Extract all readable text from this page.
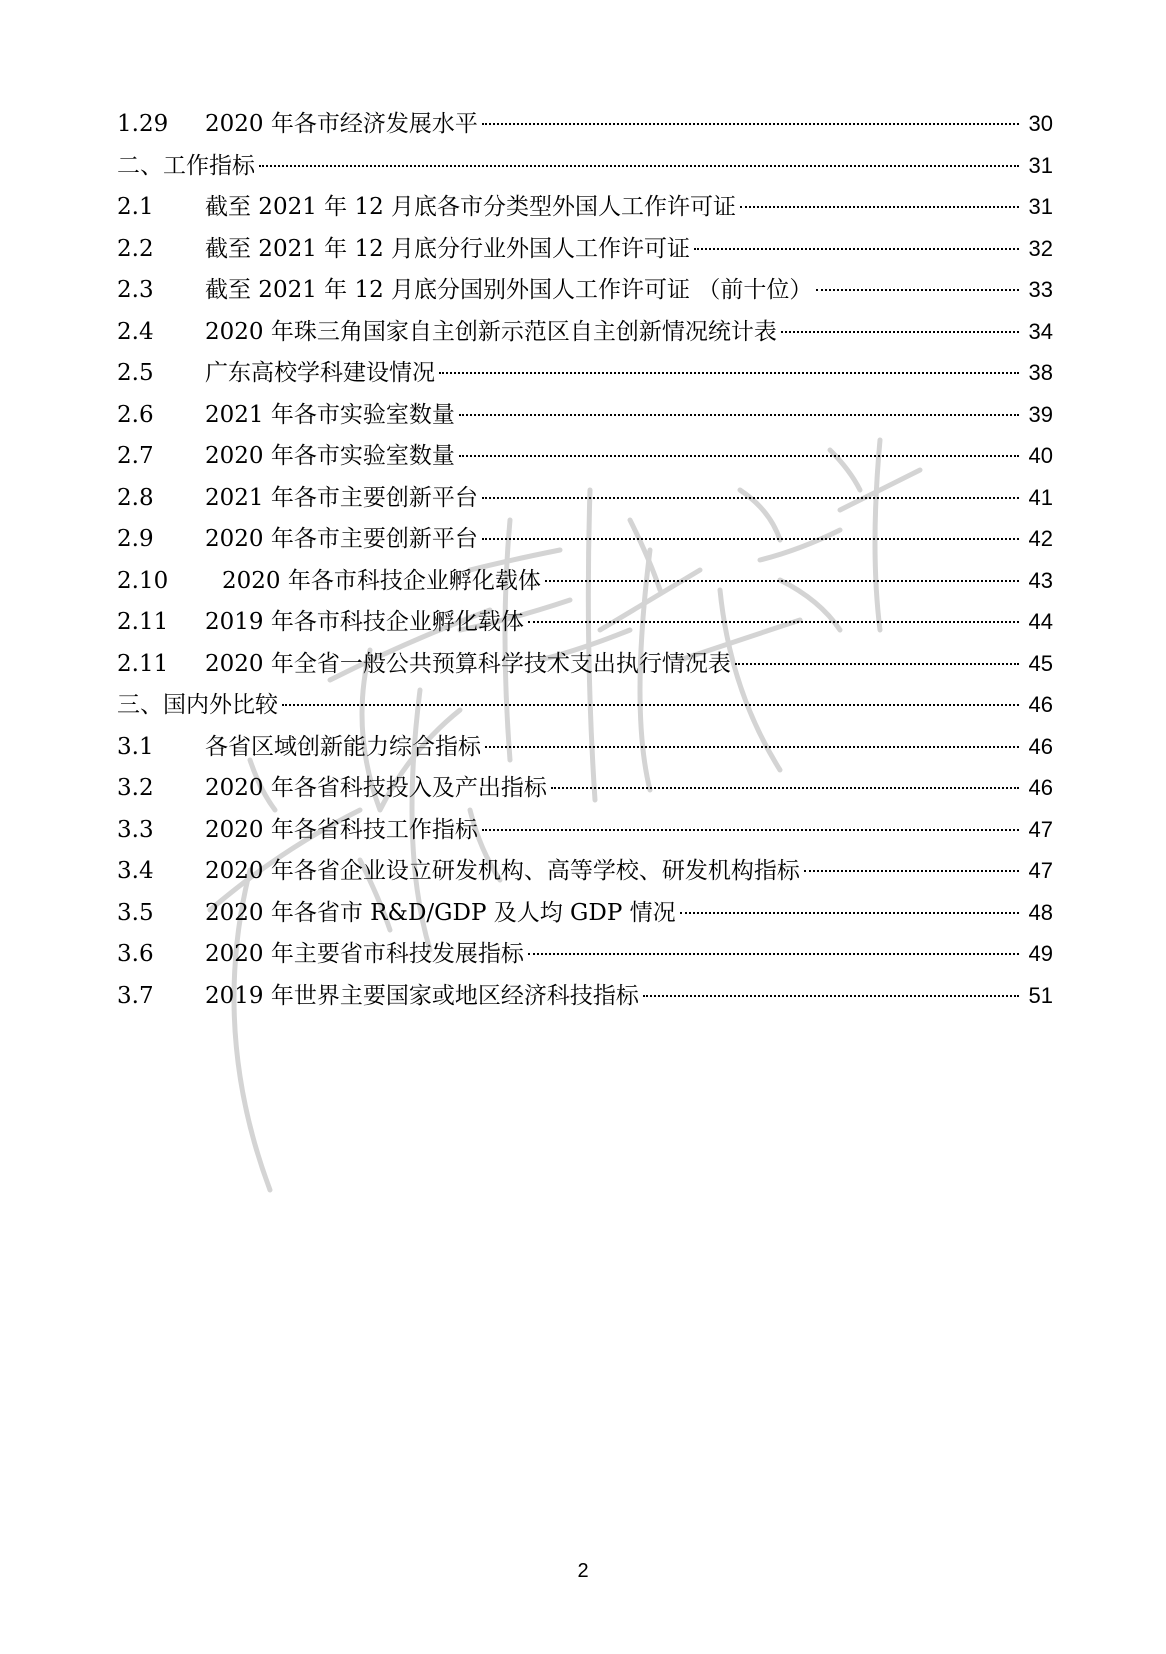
1.29	2020 年各市经济发展水平	30
二、工作指标	31
2.1	截至 2021 年 12 月底各市分类型外国人工作许可证	31
2.2	截至 2021 年 12 月底分行业外国人工作许可证	32
2.3	截至 2021 年 12 月底分国别外国人工作许可证 （前十位）	33
2.4	2020 年珠三角国家自主创新示范区自主创新情况统计表	34
2.5	广东高校学科建设情况	38
2.6	2021 年各市实验室数量	39
2.7	2020 年各市实验室数量	40
2.8	2021 年各市主要创新平台	41
2.9	2020 年各市主要创新平台	42
2.10	2020 年各市科技企业孵化载体	43
2.11	2019 年各市科技企业孵化载体	44
2.11	2020 年全省一般公共预算科学技术支出执行情况表	45
三、国内外比较	46
3.1	各省区域创新能力综合指标	46
3.2	2020 年各省科技投入及产出指标	46
3.3	2020 年各省科技工作指标	47
3.4	2020 年各省企业设立研发机构、高等学校、研发机构指标	47
3.5	2020 年各省市 R&D/GDP 及人均 GDP 情况	48
3.6	2020 年主要省市科技发展指标	49
3.7	2019 年世界主要国家或地区经济科技指标	51
2
